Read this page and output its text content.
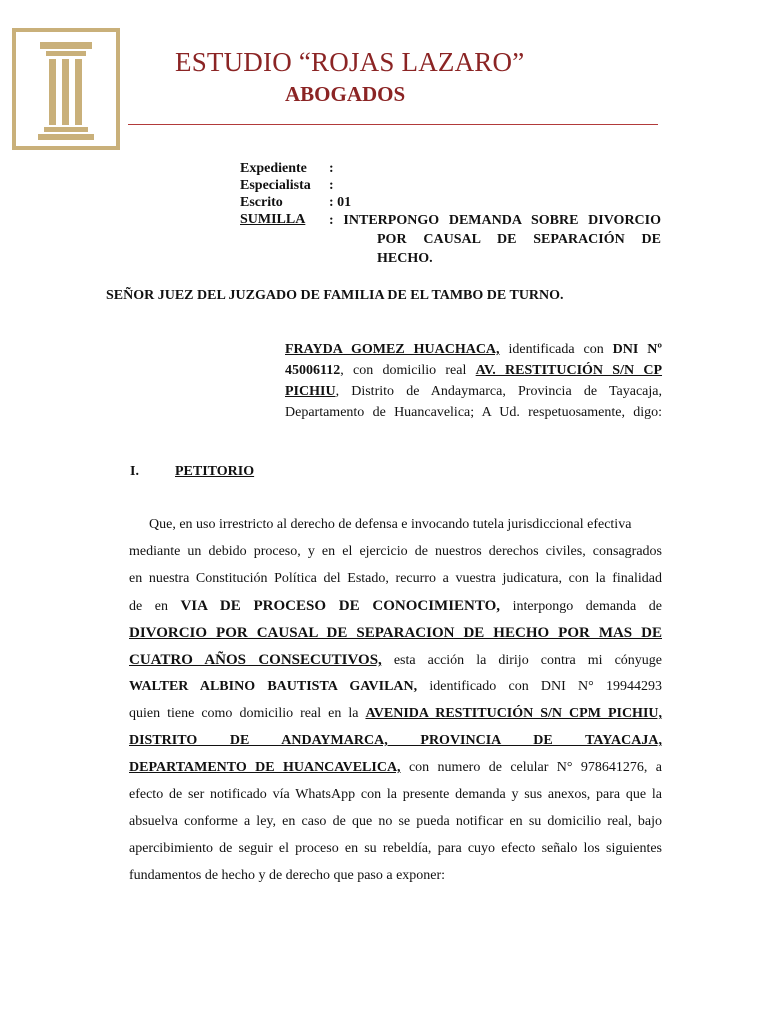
ESTUDIO “ROJAS LAZARO”
ABOGADOS
Expediente :
Especialista :
Escrito	: 01
SUMILLA : INTERPONGO DEMANDA SOBRE DIVORCIO
POR CAUSAL DE SEPARACIÓN DE
HECHO.
SEÑOR JUEZ DEL JUZGADO DE FAMILIA DE EL TAMBO DE TURNO.
FRAYDA GOMEZ HUACHACA, identificada con DNI Nº
45006112, con domicilio real AV. RESTITUCIÓN S/N CP
PICHIU, Distrito de Andaymarca, Provincia de Tayacaja,
Departamento de Huancavelica; A Ud. respetuosamente, digo:
I.	PETITORIO
Que, en uso irrestricto al derecho de defensa e invocando tutela jurisdiccional efectiva
mediante un debido proceso, y en el ejercicio de nuestros derechos civiles, consagrados
en nuestra Constitución Política del Estado, recurro a vuestra judicatura, con la finalidad
de en VIA DE PROCESO DE CONOCIMIENTO, interpongo demanda de
DIVORCIO POR CAUSAL DE SEPARACION DE HECHO POR MAS DE
CUATRO AÑOS CONSECUTIVOS, esta acción la dirijo contra mi cónyuge
WALTER ALBINO BAUTISTA GAVILAN, identificado con DNI N° 19944293
quien tiene como domicilio real en la AVENIDA RESTITUCIÓN S/N CPM PICHIU,
DISTRITO DE ANDAYMARCA, PROVINCIA DE TAYACAJA,
DEPARTAMENTO DE HUANCAVELICA, con numero de celular N° 978641276, a
efecto de ser notificado vía WhatsApp con la presente demanda y sus anexos, para que la
absuelva conforme a ley, en caso de que no se pueda notificar en su domicilio real, bajo
apercibimiento de seguir el proceso en su rebeldía, para cuyo efecto señalo los siguientes
fundamentos de hecho y de derecho que paso a exponer:
